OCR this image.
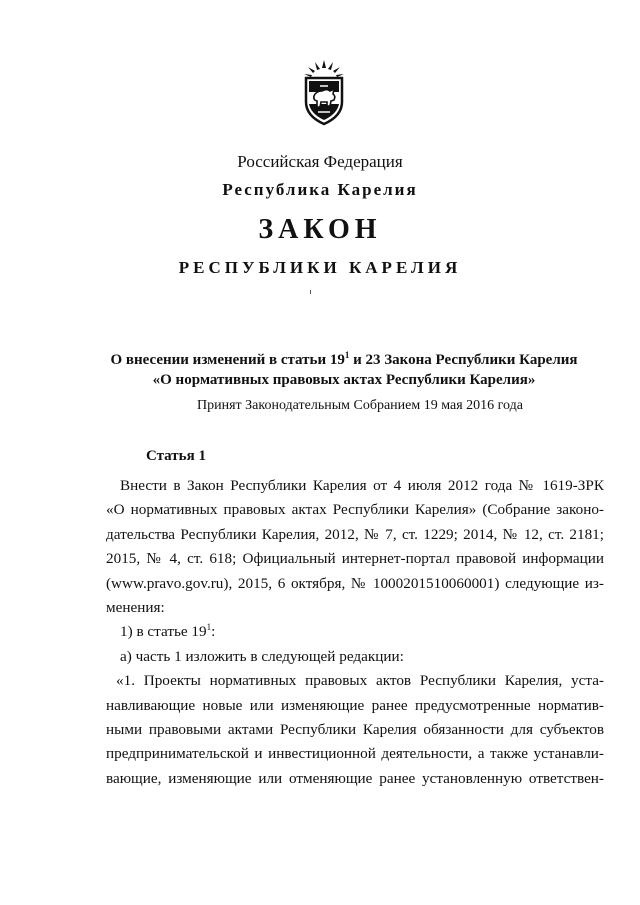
Российская Федерация
Республика Карелия
ЗАКОН
РЕСПУБЛИКИ КАРЕЛИЯ
О внесении изменений в статьи $19^1$ и 23 Закона Республики Карелия
«О нормативных правовых актах Республики Карелия»
Принят Законодательным Собранием 19 мая 2016 года
Статья 1
Внести в Закон Республики Карелия от 4 июля 2012 года № 1619-ЗРК
«О нормативных правовых актах Республики Карелия» (Собрание законо-
дательства Республики Карелия, 2012, № 7, ст. 1229; 2014, № 12, ст. 2181;
2015, № 4, ст. 618; Официальный интернет-портал правовой информации
(www.pravo.gov.ru), 2015, 6 октября, № 1000201510060001) следующие из-
менения:
1) в статье $19^1$:
а) часть 1 изложить в следующей редакции:
«1. Проекты нормативных правовых актов Республики Карелия, уста-
навливающие новые или изменяющие ранее предусмотренные норматив-
ными правовыми актами Республики Карелия обязанности для субъектов
предпринимательской и инвестиционной деятельности, а также устанавли-
вающие, изменяющие или отменяющие ранее установленную ответствен-
